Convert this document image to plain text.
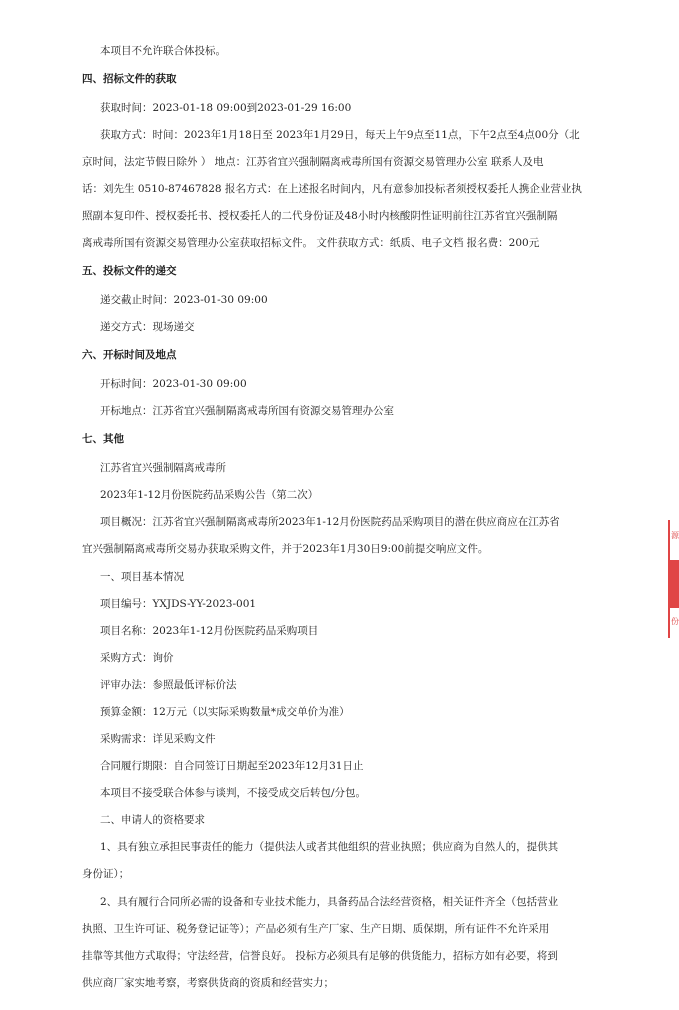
本项目不允许联合体投标。
四、招标文件的获取
获取时间：2023-01-18 09:00到2023-01-29 16:00
获取方式：时间：2023年1月18日至 2023年1月29日，每天上午9点至11点，下午2点至4点00分（北
京时间，法定节假日除外 ） 地点：江苏省宜兴强制隔离戒毒所国有资源交易管理办公室 联系人及电
话：刘先生 0510-87467828 报名方式：在上述报名时间内，凡有意参加投标者须授权委托人携企业营业执
照副本复印件、授权委托书、授权委托人的二代身份证及48小时内核酸阴性证明前往江苏省宜兴强制隔
离戒毒所国有资源交易管理办公室获取招标文件。 文件获取方式：纸质、电子文档 报名费：200元
五、投标文件的递交
递交截止时间：2023-01-30 09:00
递交方式：现场递交
六、开标时间及地点
开标时间：2023-01-30 09:00
开标地点：江苏省宜兴强制隔离戒毒所国有资源交易管理办公室
七、其他
江苏省宜兴强制隔离戒毒所
2023年1-12月份医院药品采购公告（第二次）
项目概况：江苏省宜兴强制隔离戒毒所2023年1-12月份医院药品采购项目的潜在供应商应在江苏省
宜兴强制隔离戒毒所交易办获取采购文件，并于2023年1月30日9:00前提交响应文件。
一、项目基本情况
项目编号：YXJDS-YY-2023-001
项目名称：2023年1-12月份医院药品采购项目
采购方式：询价
评审办法：参照最低评标价法
预算金额：12万元（以实际采购数量*成交单价为准）
采购需求：详见采购文件
合同履行期限：自合同签订日期起至2023年12月31日止
本项目不接受联合体参与谈判，不接受成交后转包/分包。
二、申请人的资格要求
1、具有独立承担民事责任的能力（提供法人或者其他组织的营业执照；供应商为自然人的，提供其
身份证）；
2、具有履行合同所必需的设备和专业技术能力，具备药品合法经营资格，相关证件齐全（包括营业
执照、卫生许可证、税务登记证等）；产品必须有生产厂家、生产日期、质保期，所有证件不允许采用
挂靠等其他方式取得；守法经营，信誉良好。 投标方必须具有足够的供货能力，招标方如有必要，将到
供应商厂家实地考察，考察供货商的资质和经营实力；
源
份
